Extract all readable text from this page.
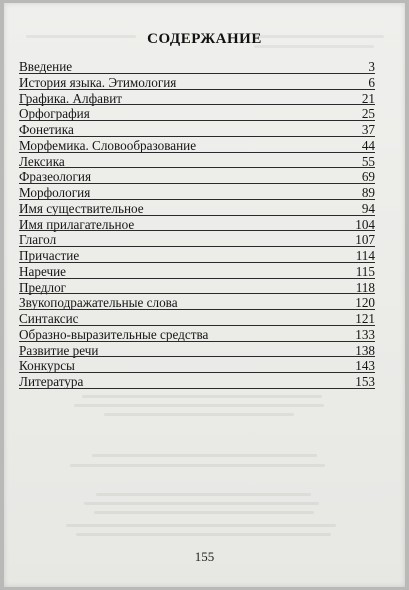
СОДЕРЖАНИЕ
Введение	3
История языка. Этимология	6
Графика. Алфавит	21
Орфография	25
Фонетика	37
Морфемика. Словообразование	44
Лексика	55
Фразеология	69
Морфология	89
Имя существительное	94
Имя прилагательное	104
Глагол	107
Причастие	114
Наречие	115
Предлог	118
Звукоподражательные слова	120
Синтаксис	121
Образно-выразительные средства	133
Развитие речи	138
Конкурсы	143
Литература	153
155
